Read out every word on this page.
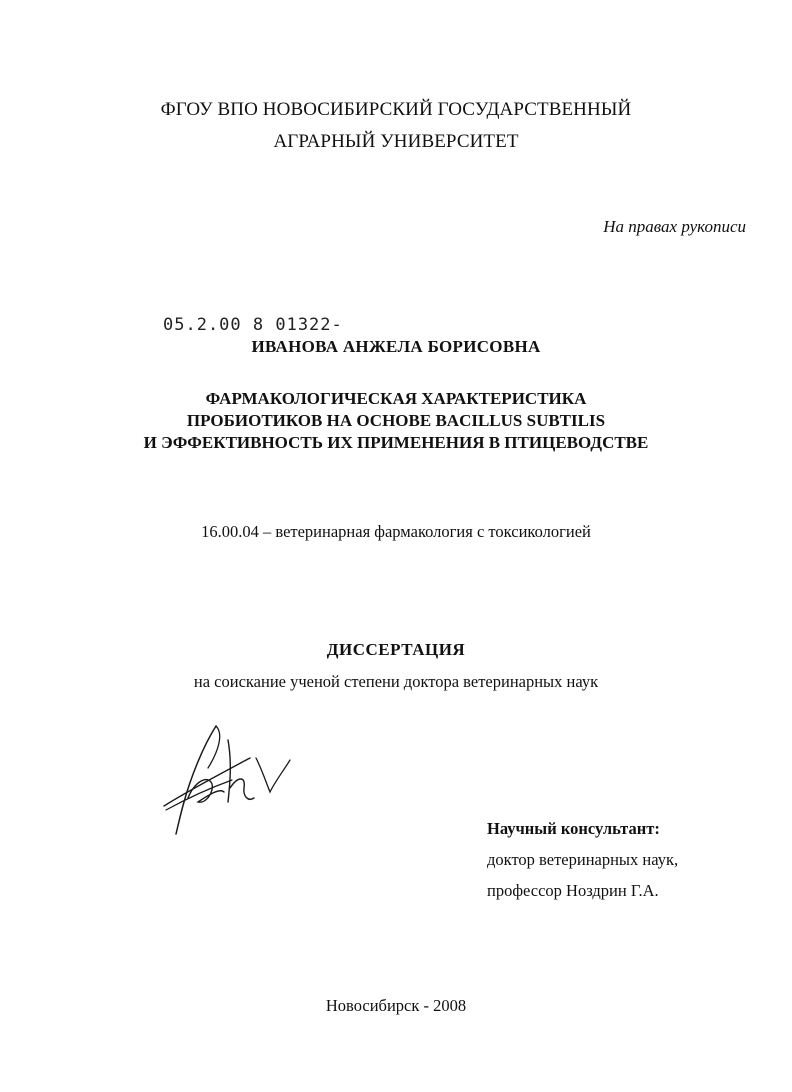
ФГОУ ВПО НОВОСИБИРСКИЙ ГОСУДАРСТВЕННЫЙ
АГРАРНЫЙ УНИВЕРСИТЕТ
На правах рукописи
05.2.00 8 01322-
ИВАНОВА АНЖЕЛА БОРИСОВНА
ФАРМАКОЛОГИЧЕСКАЯ ХАРАКТЕРИСТИКА
ПРОБИОТИКОВ НА ОСНОВЕ BACILLUS SUBTILIS
И ЭФФЕКТИВНОСТЬ ИХ ПРИМЕНЕНИЯ В ПТИЦЕВОДСТВЕ
16.00.04 – ветеринарная фармакология с токсикологией
ДИССЕРТАЦИЯ
на соискание ученой степени доктора ветеринарных наук
Научный консультант:
доктор ветеринарных наук,
профессор Ноздрин Г.А.
Новосибирск - 2008
